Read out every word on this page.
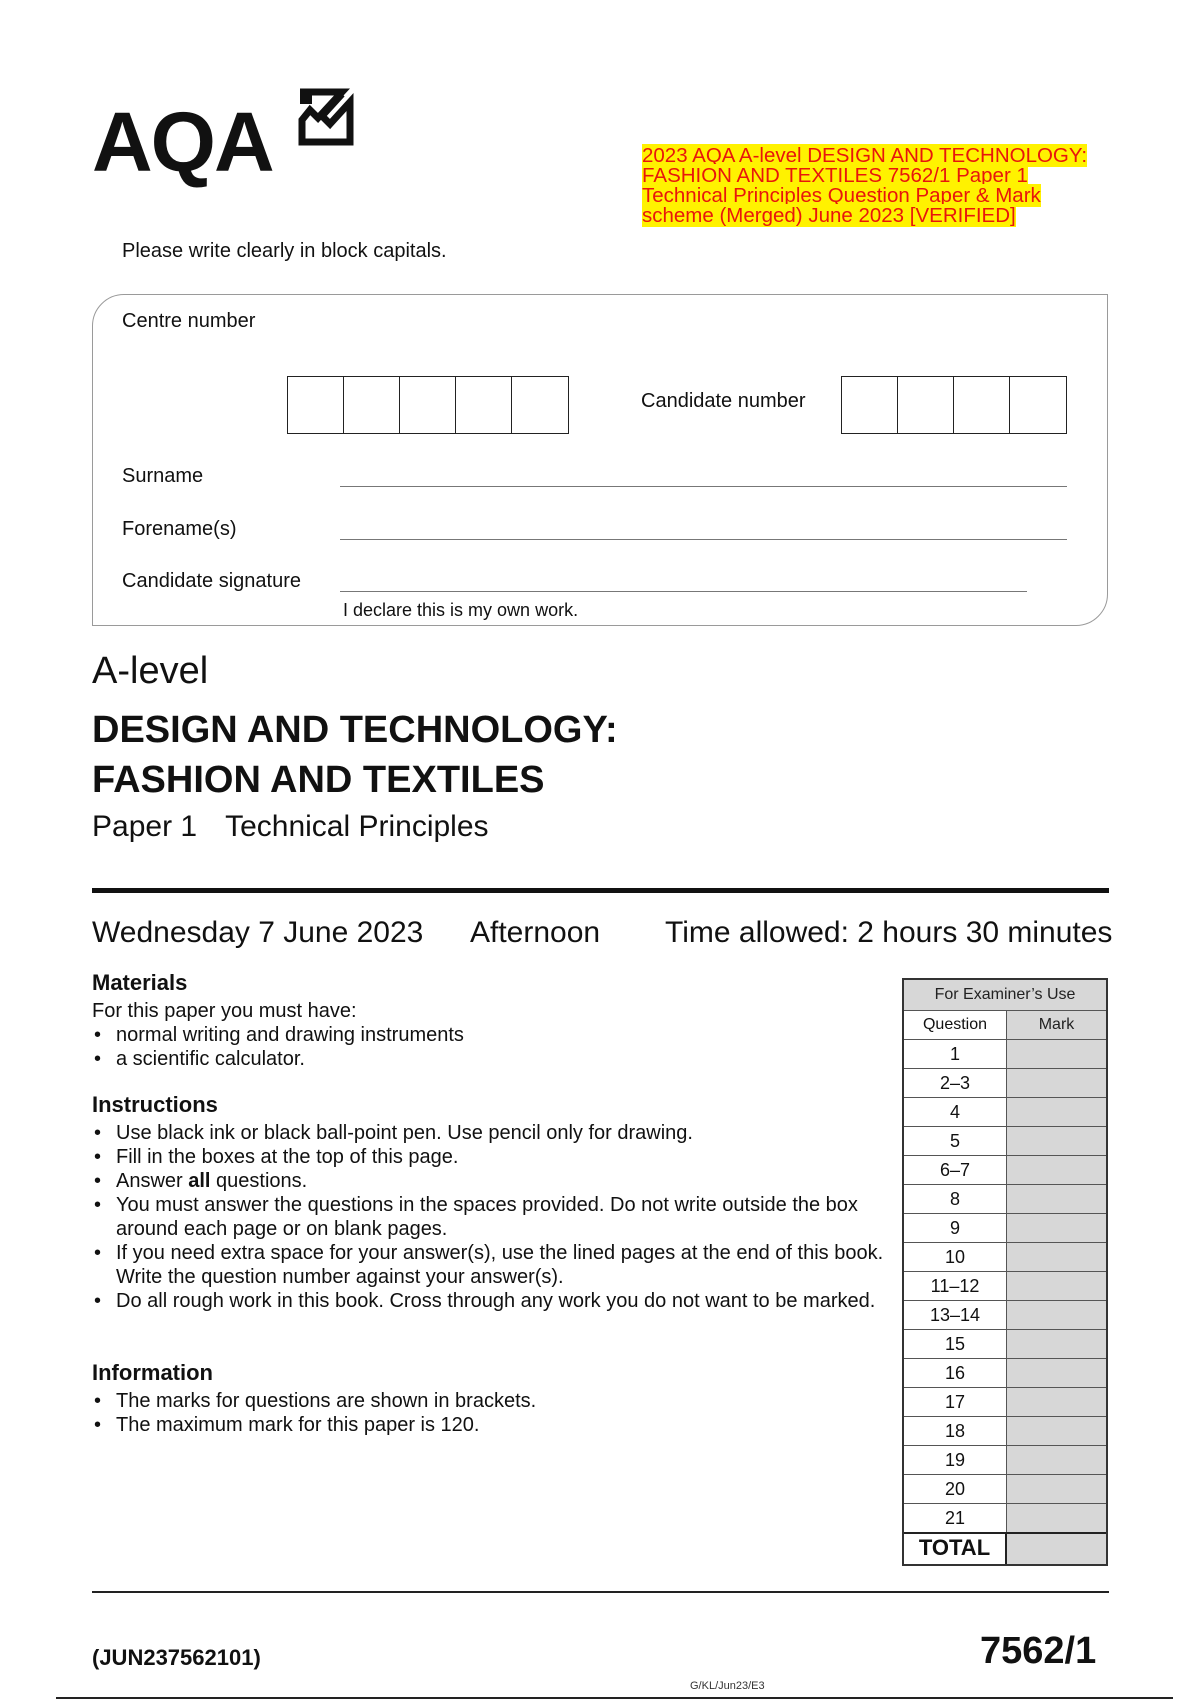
AQA	2023 AQA A-level DESIGN AND TECHNOLOGY: FASHION AND TEXTILES 7562/1 Paper 1 Technical Principles Question Paper & Mark scheme (Merged) June 2023 [VERIFIED]
Please write clearly in block capitals.
Centre number
Candidate number
Surname
Forename(s)
Candidate signature
I declare this is my own work.
A-level
DESIGN AND TECHNOLOGY:
FASHION AND TEXTILES
Paper 1 Technical Principles
Wednesday 7 June 2023 Afternoon Time allowed: 2 hours 30 minutes
Materials
For this paper you must have:
• normal writing and drawing instruments
• a scientific calculator.
Instructions
• Use black ink or black ball-point pen. Use pencil only for drawing.
• Fill in the boxes at the top of this page.
• Answer all questions.
• You must answer the questions in the spaces provided. Do not write outside the box around each page or on blank pages.
• If you need extra space for your answer(s), use the lined pages at the end of this book. Write the question number against your answer(s).
• Do all rough work in this book. Cross through any work you do not want to be marked.
Information
• The marks for questions are shown in brackets.
• The maximum mark for this paper is 120.
For Examiner’s Use
Question	Mark
1
2–3
4
5
6–7
8
9
10
11–12
13–14
15
16
17
18
19
20
21
TOTAL
(JUN237562101)	7562/1
G/KL/Jun23/E3
